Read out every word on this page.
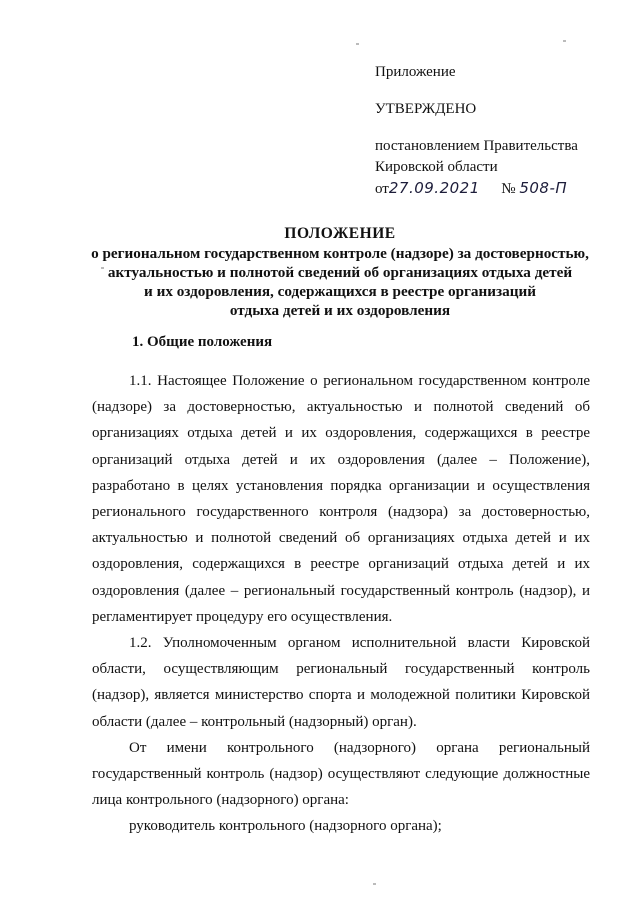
Приложение
УТВЕРЖДЕНО
постановлением Правительства
Кировской области
от27.09.2021 № 508-П
ПОЛОЖЕНИЕ
о региональном государственном контроле (надзоре) за достоверностью,
актуальностью и полнотой сведений об организациях отдыха детей
и их оздоровления, содержащихся в реестре организаций
отдыха детей и их оздоровления
1. Общие положения

1.1. Настоящее Положение о региональном государственном контроле (надзоре) за достоверностью, актуальностью и полнотой сведений об организациях отдыха детей и их оздоровления, содержащихся в реестре организаций отдыха детей и их оздоровления (далее – Положение), разработано в целях установления порядка организации и осуществления регионального государственного контроля (надзора) за достоверностью, актуальностью и полнотой сведений об организациях отдыха детей и их оздоровления, содержащихся в реестре организаций отдыха детей и их оздоровления (далее – региональный государственный контроль (надзор), и регламентирует процедуру его осуществления.

1.2. Уполномоченным органом исполнительной власти Кировской области, осуществляющим региональный государственный контроль (надзор), является министерство спорта и молодежной политики Кировской области (далее – контрольный (надзорный) орган).

От имени контрольного (надзорного) органа региональный государственный контроль (надзор) осуществляют следующие должностные лица контрольного (надзорного) органа:

руководитель контрольного (надзорного органа);
